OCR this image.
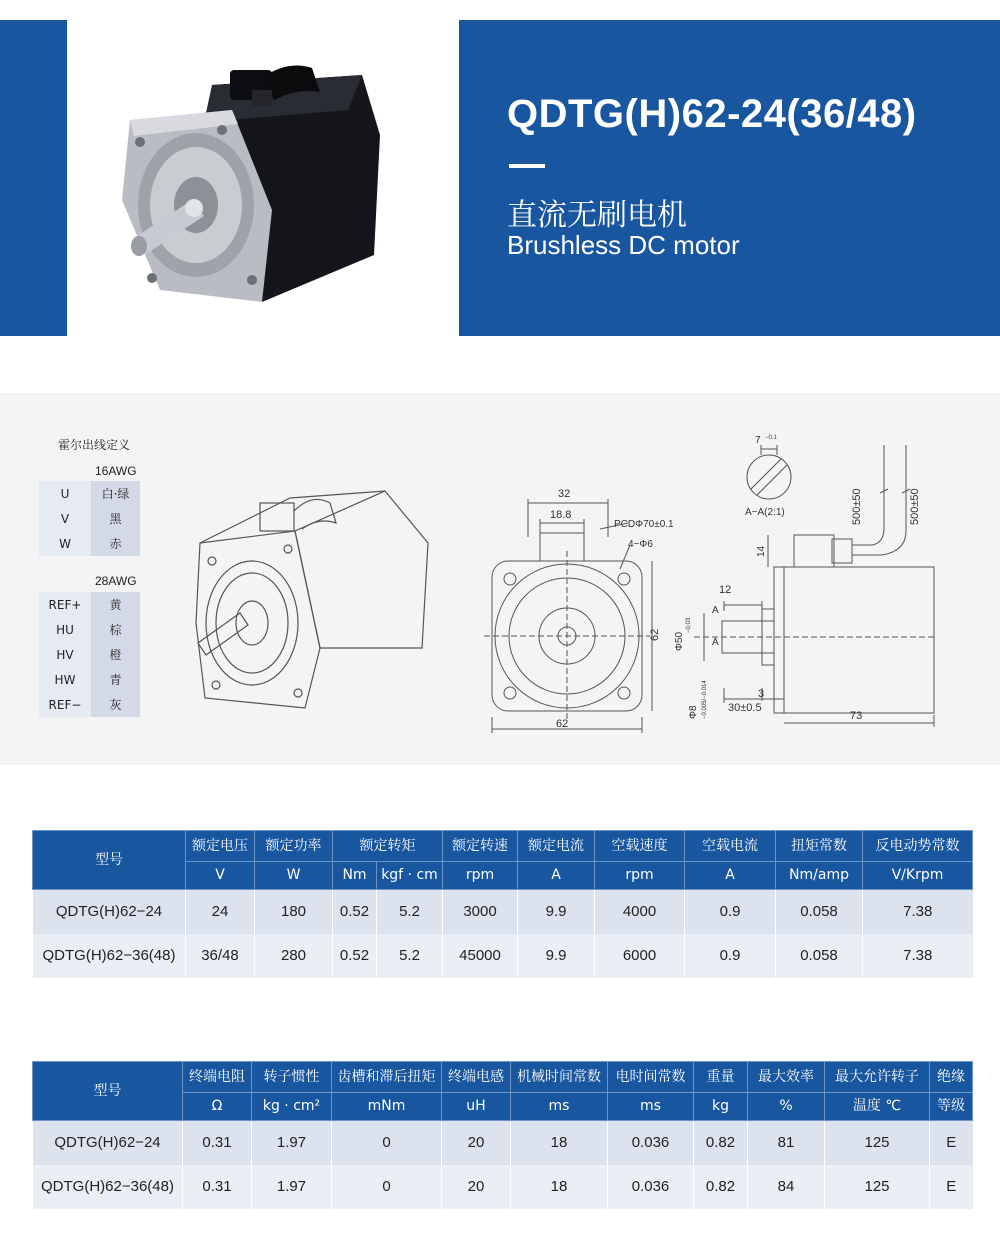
QDTG(H)62-24(36/48)
直流无刷电机
Brushless DC motor
霍尔出线定义
16AWG
U	白·绿
V	黑
W	赤
28AWG
REF+	黄
HU	棕
HV	橙
HW	青
REF−	灰
32
18.8
PCDΦ70±0.1
4−Φ6
62
62
7 −0.1
A−A(2:1)
12
A
A
3
30±0.5
73
14
500±50	500±50
Φ50
−0.03
Φ8 −0.005/−0.014
型号	额定电压	额定功率	额定转矩		额定转速	额定电流	空载速度	空载电流	扭矩常数	反电动势常数
	V	W	Nm	kgf · cm	rpm	A	rpm	A	Nm/amp	V/Krpm
QDTG(H)62−24	24	180	0.52	5.2	3000	9.9	4000	0.9	0.058	7.38
QDTG(H)62−36(48)	36/48	280	0.52	5.2	45000	9.9	6000	0.9	0.058	7.38
型号	终端电阻	转子惯性	齿槽和滞后扭矩	终端电感	机械时间常数	电时间常数	重量	最大效率	最大允许转子	绝缘
	Ω	kg · cm²	mNm	uH	ms	ms	kg	%	温度 ℃	等级
QDTG(H)62−24	0.31	1.97	0	20	18	0.036	0.82	81	125	E
QDTG(H)62−36(48)	0.31	1.97	0	20	18	0.036	0.82	84	125	E
